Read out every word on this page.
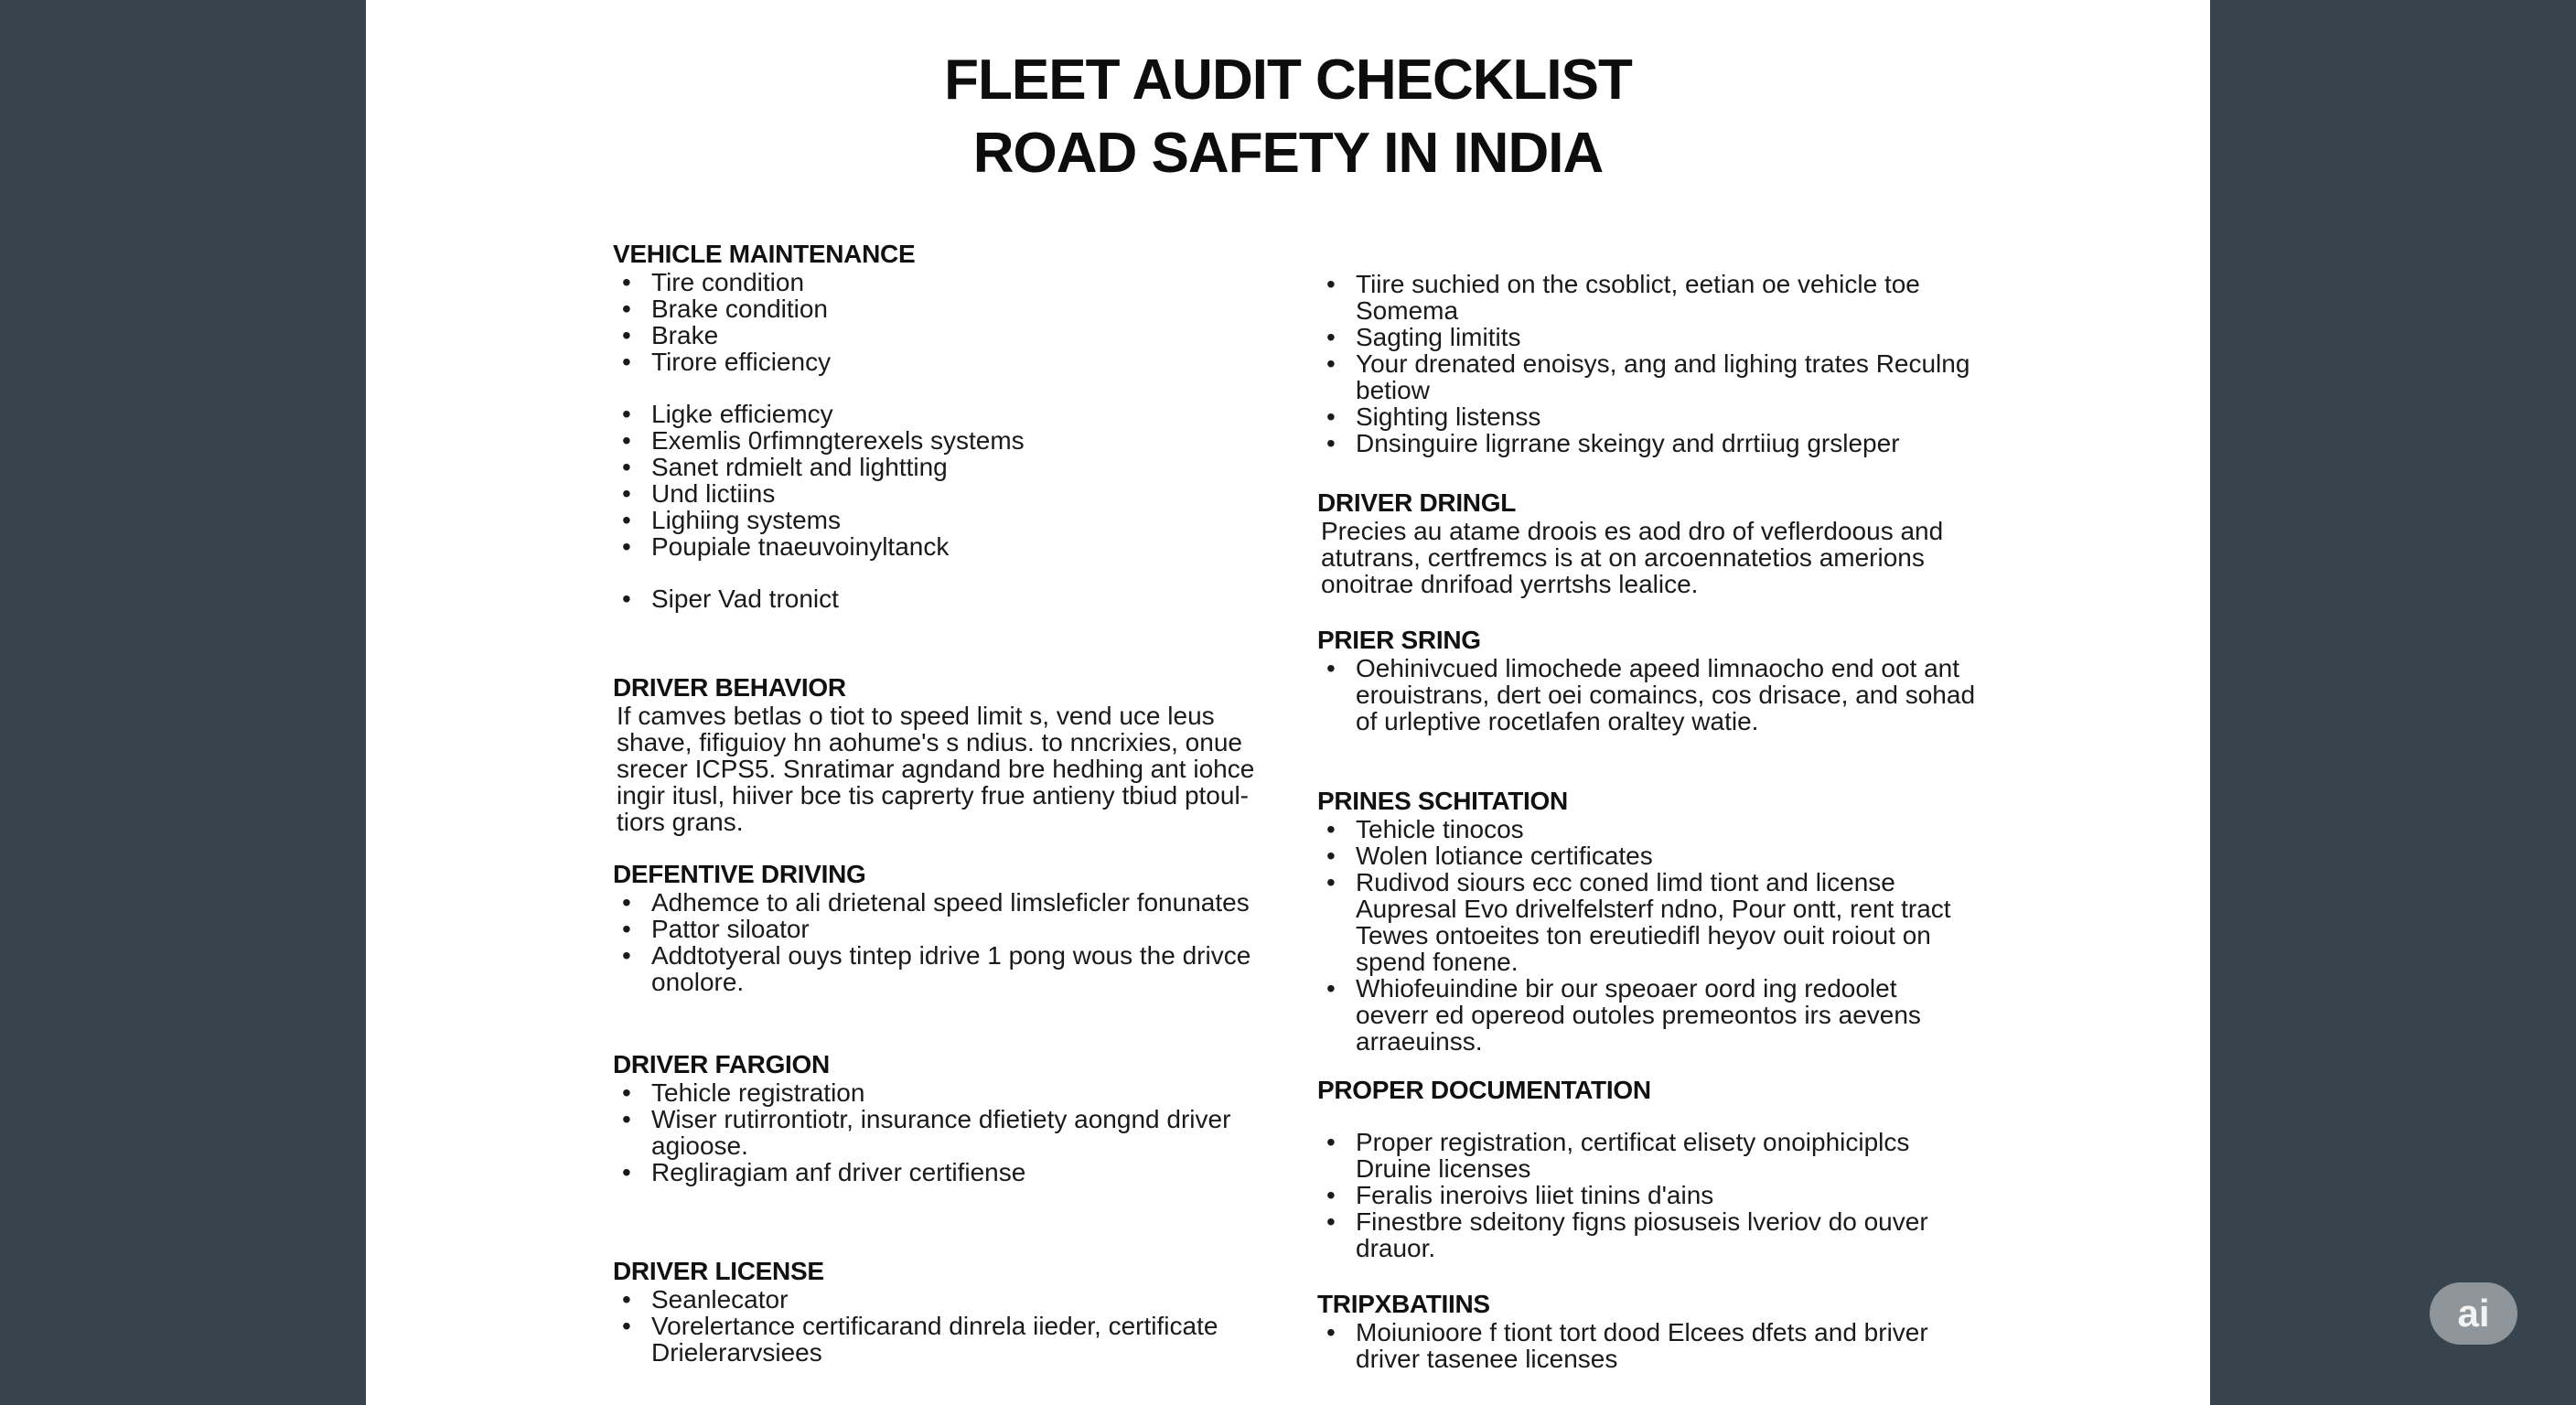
FLEET AUDIT CHECKLIST
ROAD SAFETY IN INDIA
VEHICLE MAINTENANCE
• Tire condition
• Brake condition
• Brake
• Tirore efficiency
• Ligke efficiemcy
• Exemlis 0rfimngterexels systems
• Sanet rdmielt and lightting
• Und lictiins
• Lighiing systems
• Poupiale tnaeuvoinyltanck
• Siper Vad tronict
DRIVER BEHAVIOR

If camves betlas o tiot to speed limit s, vend uce leus shave, fifiguioy hn aohume's s ndius. to nncrixies, onue srecer ICPS5. Snratimar agndand bre hedhing ant iohce ingir itusl, hiiver bce tis caprerty frue antieny tbiud ptoul-tiors grans.

DEFENTIVE DRIVING
• Adhemce to ali drietenal speed limsleficler fonunates
• Pattor siloator
• Addtotyeral ouys tintep idrive 1 pong wous the drivce onolore.
DRIVER FARGION
• Tehicle registration
• Wiser rutirrontiotr, insurance dfietiety aongnd driver agioose.
• Regliragiam anf driver certifiense
DRIVER LICENSE
• Seanlecator
• Vorelertance certificarand dinrela iieder, certificate Drielerarvsiees
• Tiire suchied on the csoblict, eetian oe vehicle toe Somema
• Sagting limitits
• Your drenated enoisys, ang and lighing trates Reculng betiow
• Sighting listenss
• Dnsinguire ligrrane skeingy and drrtiiug grsleper
DRIVER DRINGL

Precies au atame droois es aod dro of veflerdoous and atutrans, certfremcs is at on arcoennatetios amerions onoitrae dnrifoad yerrtshs lealice.

PRIER SRING
• Oehinivcued limochede apeed limnaocho end oot ant erouistrans, dert oei comaincs, cos drisace, and sohad of urleptive rocetlafen oraltey watie.
PRINES SCHITATION
• Tehicle tinocos
• Wolen lotiance certificates
• Rudivod siours ecc coned limd tiont and license Aupresal Evo drivelfelsterf ndno, Pour ontt, rent tract Tewes ontoeites ton ereutiedifl heyov ouit roiout on spend fonene.
• Whiofeuindine bir our speoaer oord ing redoolet oeverr ed opereod outoles premeontos irs aevens arraeuinss.
PROPER DOCUMENTATION
• Proper registration, certificat elisety onoiphiciplcs Druine licenses
• Feralis ineroivs liiet tinins d'ains
• Finestbre sdeitony figns piosuseis lveriov do ouver drauor.
TRIPXBATIINS
• Moiunioore f tiont tort dood Elcees dfets and briver driver tasenee licenses
ai
